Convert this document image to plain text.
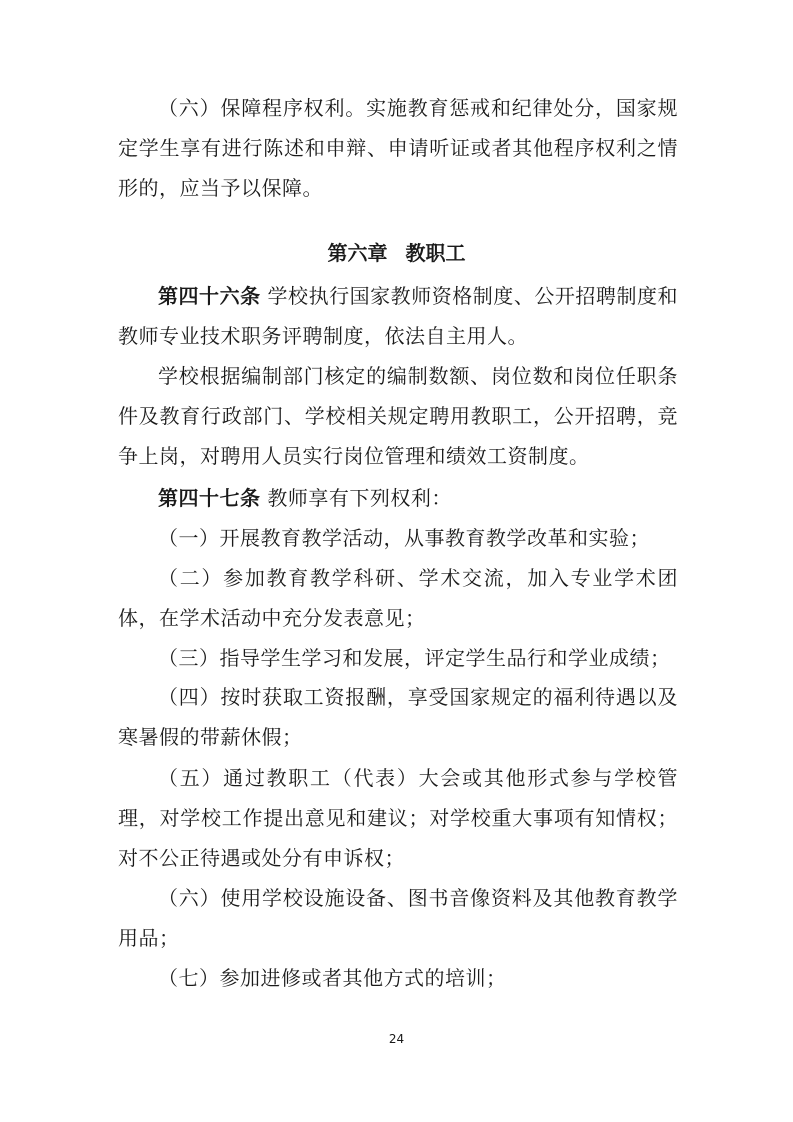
（六）保障程序权利。实施教育惩戒和纪律处分，国家规定学生享有进行陈述和申辩、申请听证或者其他程序权利之情形的，应当予以保障。

第六章 教职工

第四十六条 学校执行国家教师资格制度、公开招聘制度和教师专业技术职务评聘制度，依法自主用人。

学校根据编制部门核定的编制数额、岗位数和岗位任职条件及教育行政部门、学校相关规定聘用教职工，公开招聘，竞争上岗，对聘用人员实行岗位管理和绩效工资制度。

第四十七条 教师享有下列权利：

（一）开展教育教学活动，从事教育教学改革和实验；

（二）参加教育教学科研、学术交流，加入专业学术团体，在学术活动中充分发表意见；

（三）指导学生学习和发展，评定学生品行和学业成绩；

（四）按时获取工资报酬，享受国家规定的福利待遇以及寒暑假的带薪休假；

（五）通过教职工（代表）大会或其他形式参与学校管理，对学校工作提出意见和建议；对学校重大事项有知情权；对不公正待遇或处分有申诉权；

（六）使用学校设施设备、图书音像资料及其他教育教学用品；

（七）参加进修或者其他方式的培训；

24
